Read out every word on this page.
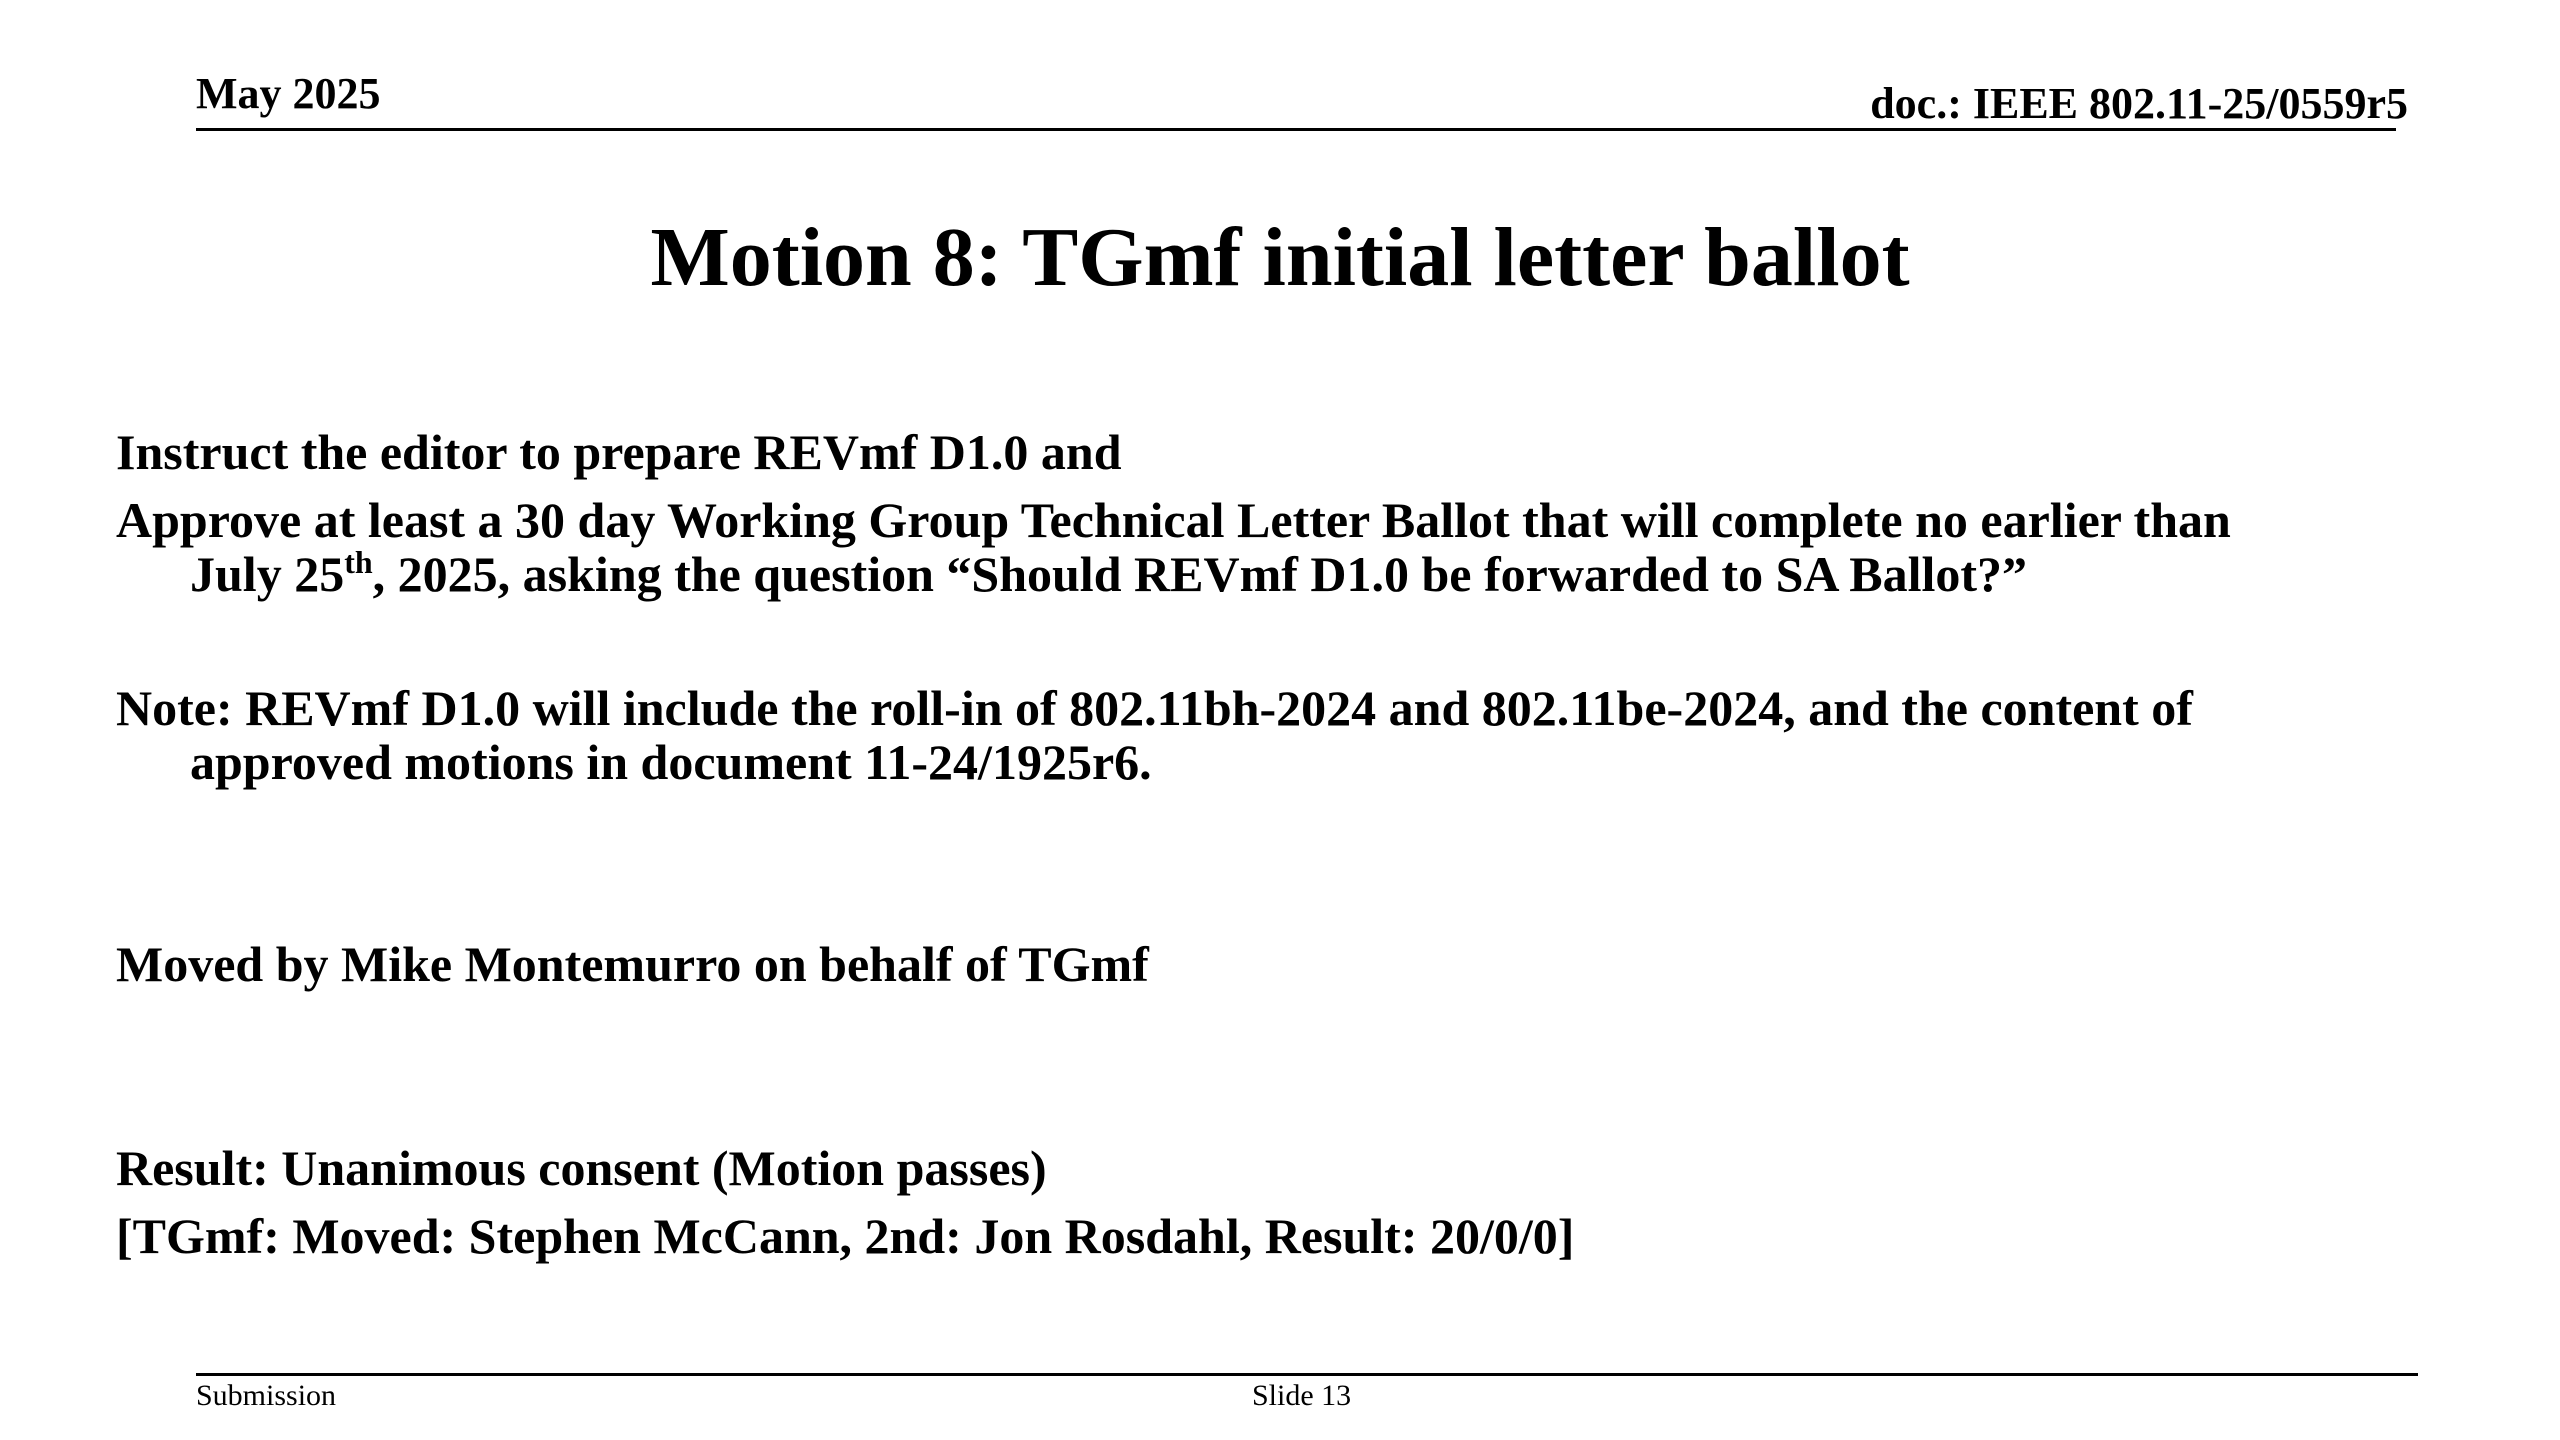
May 2025	doc.: IEEE 802.11-25/0559r5
Motion 8: TGmf initial letter ballot

Instruct the editor to prepare REVmf D1.0 and

Approve at least a 30 day Working Group Technical Letter Ballot that will complete no earlier than
July 25th, 2025, asking the question “Should REVmf D1.0 be forwarded to SA Ballot?”

Note: REVmf D1.0 will include the roll-in of 802.11bh-2024 and 802.11be-2024, and the content of
approved motions in document 11-24/1925r6.

Moved by Mike Montemurro on behalf of TGmf

Result: Unanimous consent (Motion passes)

[TGmf: Moved: Stephen McCann, 2nd: Jon Rosdahl, Result: 20/0/0]

Submission	Slide 13
